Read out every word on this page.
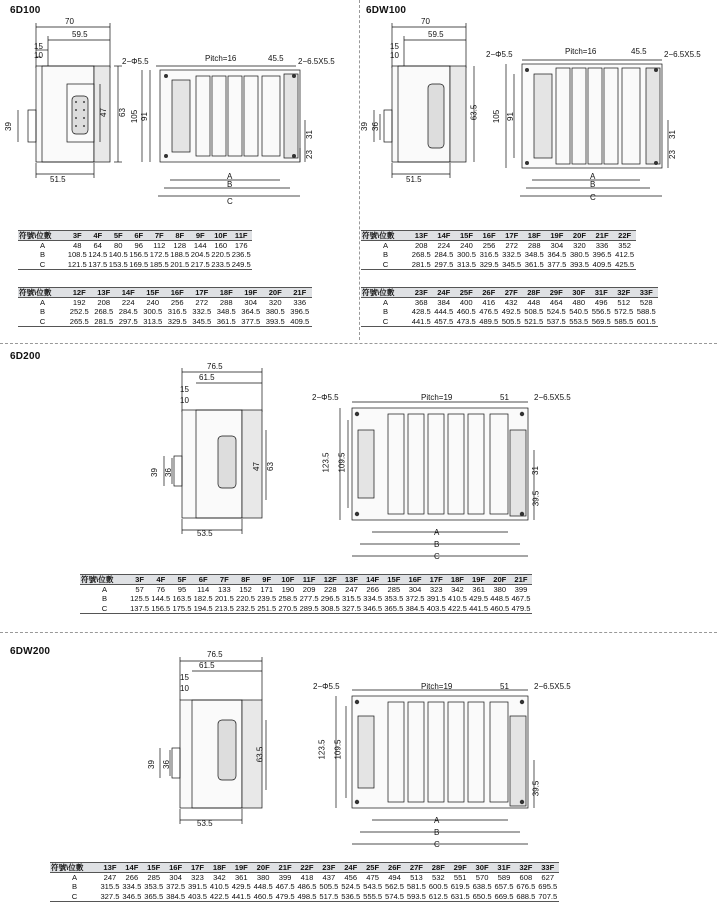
6D100
70
59.5
15
10
39
47 63
51.5
2−Φ5.5	Pitch=16	45.5 2−6.5X5.5
105 91
31
23
A
B
C
符號\位數	3F	4F	5F	6F	7F	8F	9F	10F	11F
A	48	64	80	96	112	128	144	160	176
B	108.5	124.5	140.5	156.5	172.5	188.5	204.5	220.5	236.5
C	121.5	137.5	153.5	169.5	185.5	201.5	217.5	233.5	249.5
符號\位數	12F	13F	14F	15F	16F	17F	18F	19F	20F	21F
A	192	208	224	240	256	272	288	304	320	336
B	252.5	268.5	284.5	300.5	316.5	332.5	348.5	364.5	380.5	396.5
C	265.5	281.5	297.5	313.5	329.5	345.5	361.5	377.5	393.5	409.5
6DW100
70
59.5
15
10
39 36
63.5
51.5
2−Φ5.5	Pitch=16	45.5 2−6.5X5.5
105 91
31
23
A
B
C
符號\位數	13F	14F	15F	16F	17F	18F	19F	20F	21F	22F
A	208	224	240	256	272	288	304	320	336	352
B	268.5	284.5	300.5	316.5	332.5	348.5	364.5	380.5	396.5	412.5
C	281.5	297.5	313.5	329.5	345.5	361.5	377.5	393.5	409.5	425.5
符號\位數	23F	24F	25F	26F	27F	28F	29F	30F	31F	32F	33F
A	368	384	400	416	432	448	464	480	496	512	528
B	428.5	444.5	460.5	476.5	492.5	508.5	524.5	540.5	556.5	572.5	588.5
C	441.5	457.5	473.5	489.5	505.5	521.5	537.5	553.5	569.5	585.5	601.5
6D200
76.5
61.5
15
10
39 36
47 63
53.5
2−Φ5.5	Pitch=19	51	2−6.5X5.5
123.5 109.5	31
39.5
A
B
C
符號\位數	3F	4F	5F	6F	7F	8F	9F	10F	11F	12F	13F	14F	15F	16F	17F	18F	19F	20F	21F
A	57	76	95	114	133	152	171	190	209	228	247	266	285	304	323	342	361	380	399
B	125.5	144.5	163.5	182.5	201.5	220.5	239.5	258.5	277.5	296.5	315.5	334.5	353.5	372.5	391.5	410.5	429.5	448.5	467.5
C	137.5	156.5	175.5	194.5	213.5	232.5	251.5	270.5	289.5	308.5	327.5	346.5	365.5	384.5	403.5	422.5	441.5	460.5	479.5
6DW200	76.5
61.5
15
10
39 36
63.5
53.5
2−Φ5.5	Pitch=19	51	2−6.5X5.5
123.5 109.5
39.5
A
B
C
符號\位數	13F	14F	15F	16F	17F	18F	19F	20F	21F	22F	23F	24F	25F	26F	27F	28F	29F	30F	31F	32F	33F
A	247	266	285	304	323	342	361	380	399	418	437	456	475	494	513	532	551	570	589	608	627
B	315.5	334.5	353.5	372.5	391.5	410.5	429.5	448.5	467.5	486.5	505.5	524.5	543.5	562.5	581.5	600.5	619.5	638.5	657.5	676.5	695.5
C	327.5	346.5	365.5	384.5	403.5	422.5	441.5	460.5	479.5	498.5	517.5	536.5	555.5	574.5	593.5	612.5	631.5	650.5	669.5	688.5	707.5
